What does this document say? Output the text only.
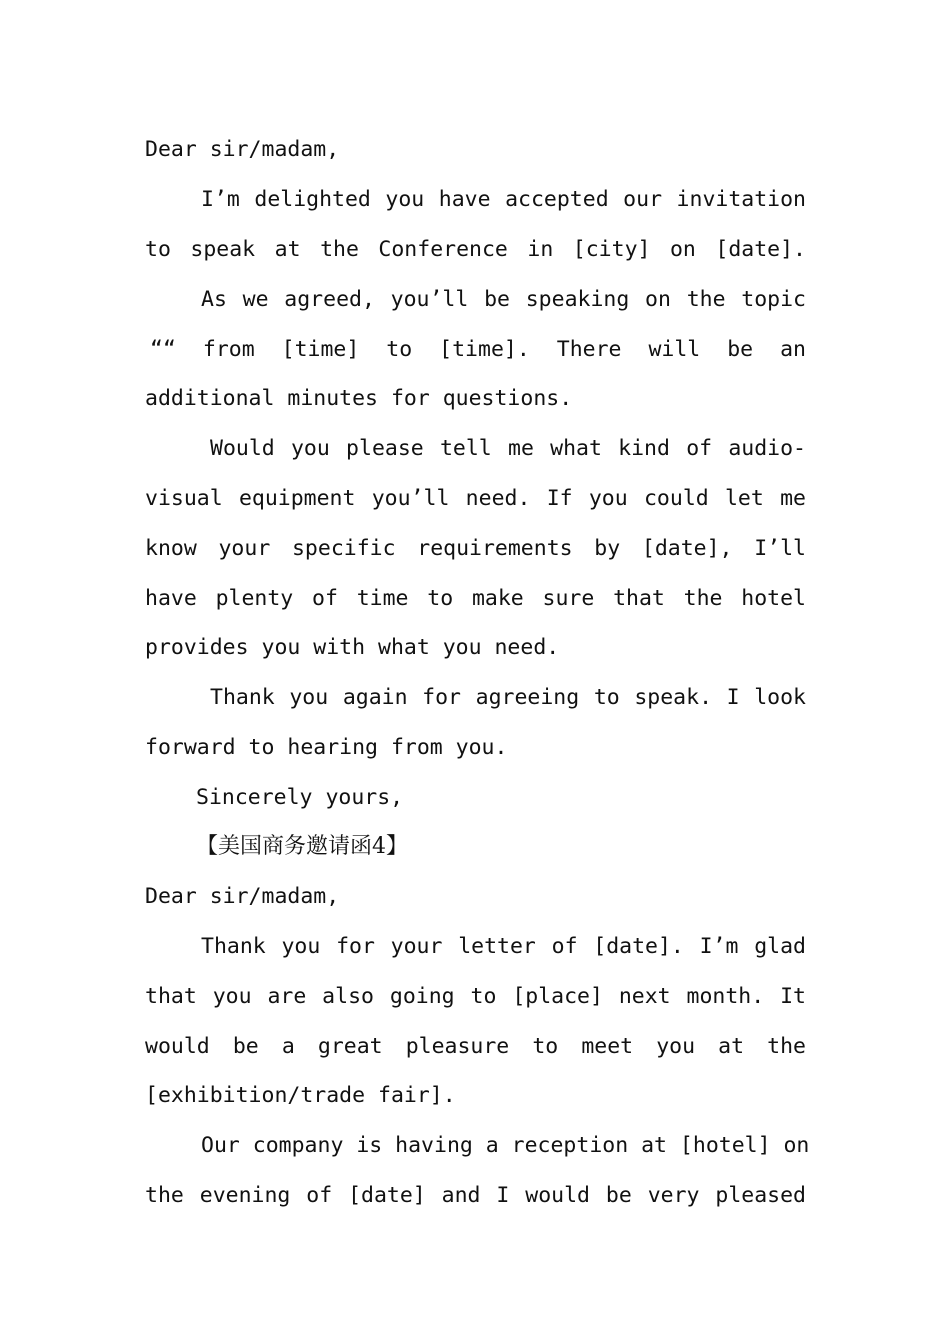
Dear sir/madam,
I’m delighted you have accepted our invitation
to speak at the Conference in [city] on [date].
As we agreed, you’ll be speaking on the topic
““ from [time] to [time]. There will be an
additional minutes for questions.
Would you please tell me what kind of audio-
visual equipment you’ll need. If you could let me
know your specific requirements by [date], I’ll
have plenty of time to make sure that the hotel
provides you with what you need.
Thank you again for agreeing to speak. I look
forward to hearing from you.
Sincerely yours,
【美国商务邀请函4】
Dear sir/madam,
Thank you for your letter of [date]. I’m glad
that you are also going to [place] next month. It
would be a great pleasure to meet you at the
[exhibition/trade fair].
Our company is having a reception at [hotel] on
the evening of [date] and I would be very pleased
